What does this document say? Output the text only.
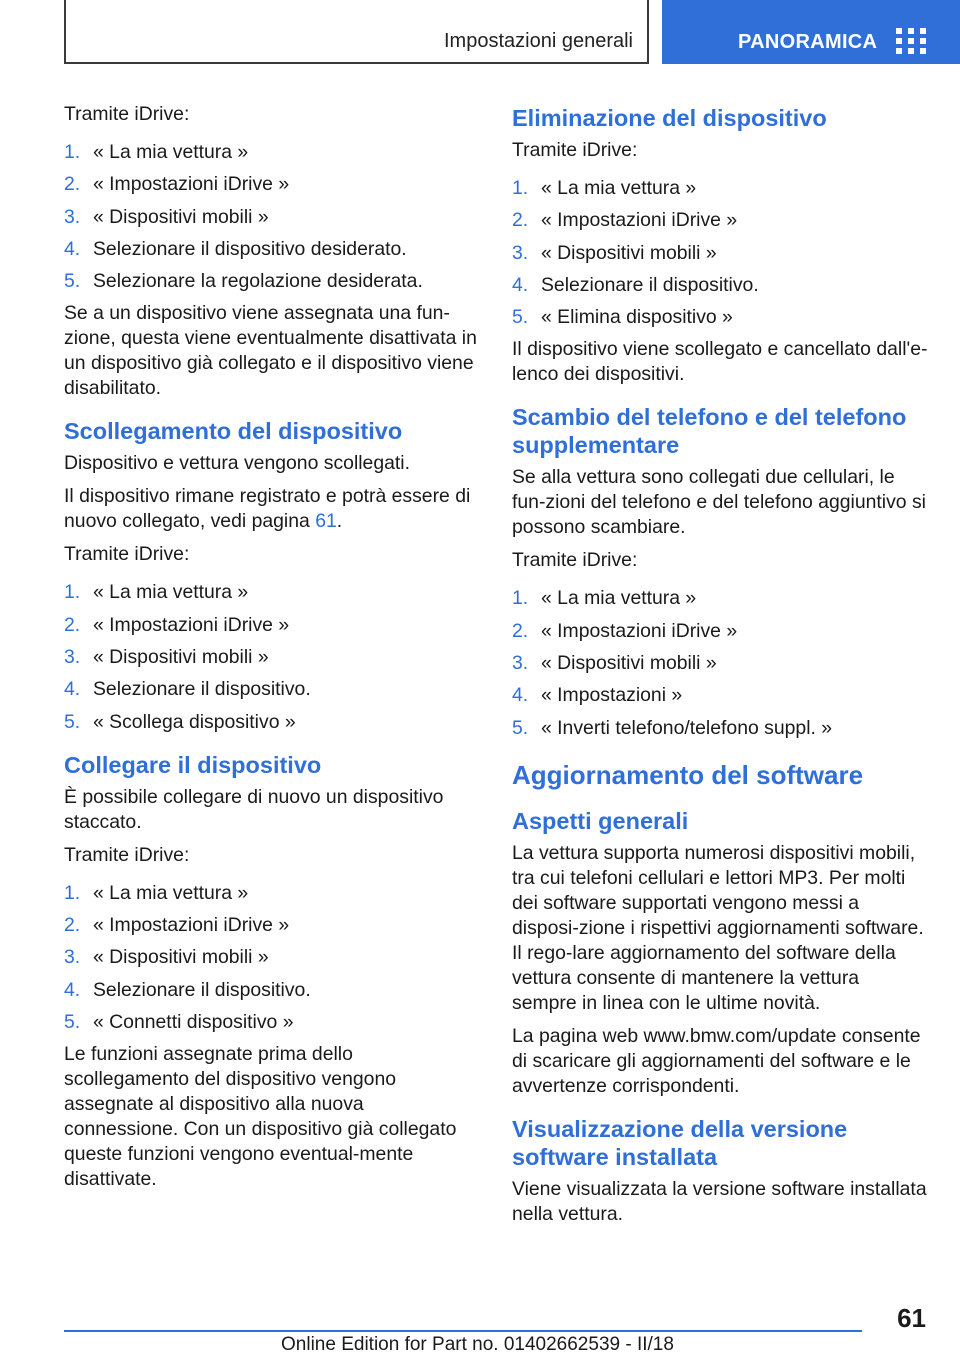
Impostazioni generali	PANORAMICA

Tramite iDrive:

1. « La mia vettura »
2. « Impostazioni iDrive »
3. « Dispositivi mobili »
4. Selezionare il dispositivo desiderato.
5. Selezionare la regolazione desiderata.

Se a un dispositivo viene assegnata una fun-zione, questa viene eventualmente disattivata in un dispositivo già collegato e il dispositivo viene disabilitato.

Scollegamento del dispositivo

Dispositivo e vettura vengono scollegati.

Il dispositivo rimane registrato e potrà essere di nuovo collegato, vedi pagina 61.

Tramite iDrive:

1. « La mia vettura »
2. « Impostazioni iDrive »
3. « Dispositivi mobili »
4. Selezionare il dispositivo.
5. « Scollega dispositivo »
Collegare il dispositivo

È possibile collegare di nuovo un dispositivo staccato.

Tramite iDrive:

1. « La mia vettura »
2. « Impostazioni iDrive »
3. « Dispositivi mobili »
4. Selezionare il dispositivo.
5. « Connetti dispositivo »

Le funzioni assegnate prima dello scollegamento del dispositivo vengono assegnate al dispositivo alla nuova connessione. Con un dispositivo già collegato queste funzioni vengono eventual-mente disattivate.

Eliminazione del dispositivo

Tramite iDrive:

1. « La mia vettura »
2. « Impostazioni iDrive »
3. « Dispositivi mobili »
4. Selezionare il dispositivo.
5. « Elimina dispositivo »

Il dispositivo viene scollegato e cancellato dall'e-lenco dei dispositivi.

Scambio del telefono e del telefono supplementare

Se alla vettura sono collegati due cellulari, le fun-zioni del telefono e del telefono aggiuntivo si possono scambiare.

Tramite iDrive:

1. « La mia vettura »
2. « Impostazioni iDrive »
3. « Dispositivi mobili »
4. « Impostazioni »
5. « Inverti telefono/telefono suppl. »
Aggiornamento del software
Aspetti generali

La vettura supporta numerosi dispositivi mobili, tra cui telefoni cellulari e lettori MP3. Per molti dei software supportati vengono messi a disposi-zione i rispettivi aggiornamenti software. Il rego-lare aggiornamento del software della vettura consente di mantenere la vettura sempre in linea con le ultime novità.

La pagina web www.bmw.com/update consente di scaricare gli aggiornamenti del software e le avvertenze corrispondenti.

Visualizzazione della versione software installata

Viene visualizzata la versione software installata nella vettura.

61
Online Edition for Part no. 01402662539 - II/18
